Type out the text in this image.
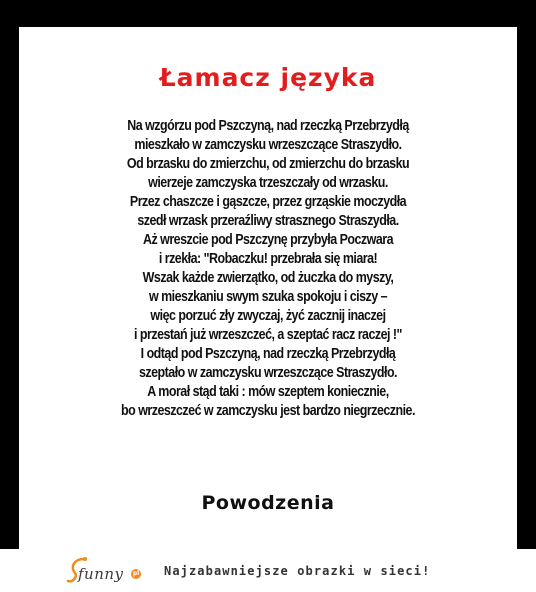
Łamacz języka
Na wzgórzu pod Pszczyną, nad rzeczką Przebrzydłą
mieszkało w zamczysku wrzeszczące Straszydło.
Od brzasku do zmierzchu, od zmierzchu do brzasku
wierzeje zamczyska trzeszczały od wrzasku.
Przez chaszcze i gąszcze, przez grząskie moczydła
szedł wrzask przeraźliwy strasznego Straszydła.
Aż wreszcie pod Pszczynę przybyła Poczwara
i rzekła: "Robaczku! przebrała się miara!
Wszak każde zwierzątko, od żuczka do myszy,
w mieszkaniu swym szuka spokoju i ciszy –
więc porzuć zły zwyczaj, żyć zacznij inaczej
i przestań już wrzeszczeć, a szeptać racz raczej !"
I odtąd pod Pszczyną, nad rzeczką Przebrzydłą
szeptało w zamczysku wrzeszczące Straszydło.
A morał stąd taki : mów szeptem koniecznie,
bo wrzeszczeć w zamczysku jest bardzo niegrzecznie.

Powodzenia

funny	pl Najzabawniejsze obrazki w sieci!
